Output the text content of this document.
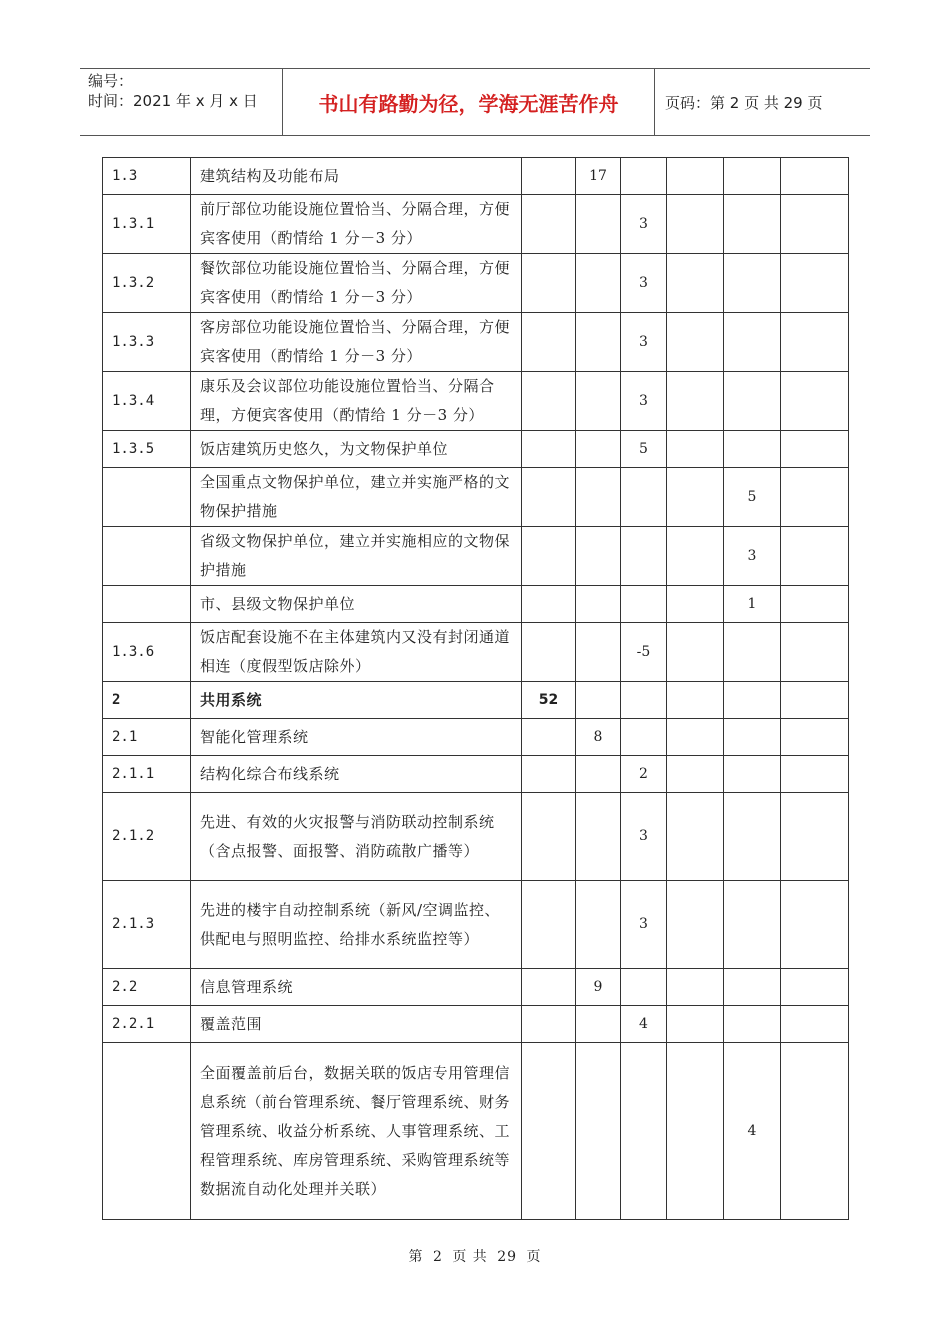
编号：
时间：2021 年 x 月 x 日	书山有路勤为径，学海无涯苦作舟	页码：第 2 页 共 29 页
1.3	建筑结构及功能布局		17				
1.3.1	前厅部位功能设施位置恰当、分隔合理，方便宾客使用（酌情给 1 分－3 分）			3			
1.3.2	餐饮部位功能设施位置恰当、分隔合理，方便宾客使用（酌情给 1 分－3 分）			3			
1.3.3	客房部位功能设施位置恰当、分隔合理，方便宾客使用（酌情给 1 分－3 分）			3			
1.3.4	康乐及会议部位功能设施位置恰当、分隔合理，方便宾客使用（酌情给 1 分－3 分）			3			
1.3.5	饭店建筑历史悠久，为文物保护单位			5			
	全国重点文物保护单位，建立并实施严格的文物保护措施					5	
	省级文物保护单位，建立并实施相应的文物保护措施					3	
	市、县级文物保护单位					1	
1.3.6	饭店配套设施不在主体建筑内又没有封闭通道相连（度假型饭店除外）			-5			
2	共用系统	52					
2.1	智能化管理系统		8				
2.1.1	结构化综合布线系统			2			
2.1.2	先进、有效的火灾报警与消防联动控制系统（含点报警、面报警、消防疏散广播等）			3			
2.1.3	先进的楼宇自动控制系统（新风/空调监控、供配电与照明监控、给排水系统监控等）			3			
2.2	信息管理系统		9				
2.2.1	覆盖范围			4			
	全面覆盖前后台，数据关联的饭店专用管理信息系统（前台管理系统、餐厅管理系统、财务管理系统、收益分析系统、人事管理系统、工程管理系统、库房管理系统、采购管理系统等数据流自动化处理并关联）					4	
第 2 页 共 29 页
